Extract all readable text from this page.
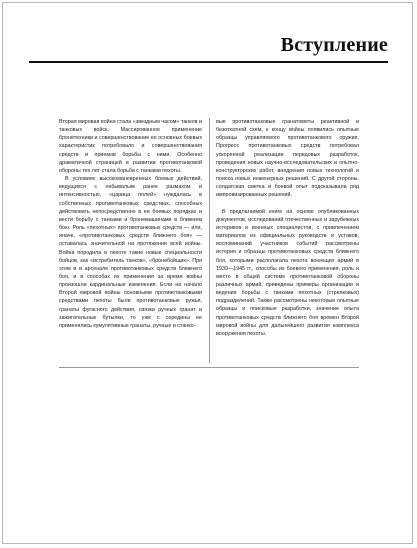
Вступление

Вторая мировая война стала «звездным часом» танков и танковых войск. Массированное применение бронетехники и совершенствование ее основных боевых характеристик потребовало и совершенствования средств и приемов борьбы с ними. Особенно драматичной страницей в развитии противотанковой обороны тех лет стала борьба с танками пехоты.

В условиях высокоманевренных боевых действий, ведущихся с небывалым ранее размахом и интенсивностью, «царица полей» нуждалась в собственных противотанковых средствах, способных действовать непосредственно в ее боевых порядках и вести борьбу с танками и бронемашинами в ближнем бою. Роль «пехотных» противотанковых средств — или, иначе, «противотанковых средств ближнего боя» — оставалась значительной на протяжении всей войны. Война породила в пехоте такие новые специальности бойцов, как «истребитель танков», «бронебойщик». При этом и в арсенале противотанковых средств ближнего боя, и в способах их применения за время войны произошли кардинальные изменения. Если на начало Второй мировой войны основными противотанковыми средствами пехоты были противотанковые ружья, гранаты фугасного действия, связки ручных гранат и зажигательные бутылки, то уже с середины ее применялись кумулятивные гранаты, ручные и станко-

вые противотанковые гранатометы реактивной и безоткатной схем, к концу войны появились опытные образцы управляемого противотанкового оружия. Прогресс противотанковых средств потребовал ускоренной реализации передовых разработок, проведения новых научно-исследовательских и опытно-конструкторских работ, внедрения новых технологий и поиска новых инженерных решений. С другой стороны, солдатская сметка и боевой опыт подсказывали ряд импровизированных решений.

В предлагаемой книге на основе опубликованных документов, исследований отечественных и зарубежных историков и военных специалистов, с привлечением материалов из официальных руководств и уставов, воспоминаний участников событий рассмотрены история и образцы противотанковых средств ближнего боя, которыми располагала пехота воюющих армий в 1939—1945 гг., способы их боевого применения, роль и место в общей системе противотанковой обороны различных армий, приведены примеры организации и ведения борьбы с танками пехотных (стрелковых) подразделений. Также рассмотрены некоторые опытные образцы и поисковые разработки, значение опыта противотанковых средств ближнего боя времен Второй мировой войны для дальнейшего развития комплекса вооружения пехоты.
